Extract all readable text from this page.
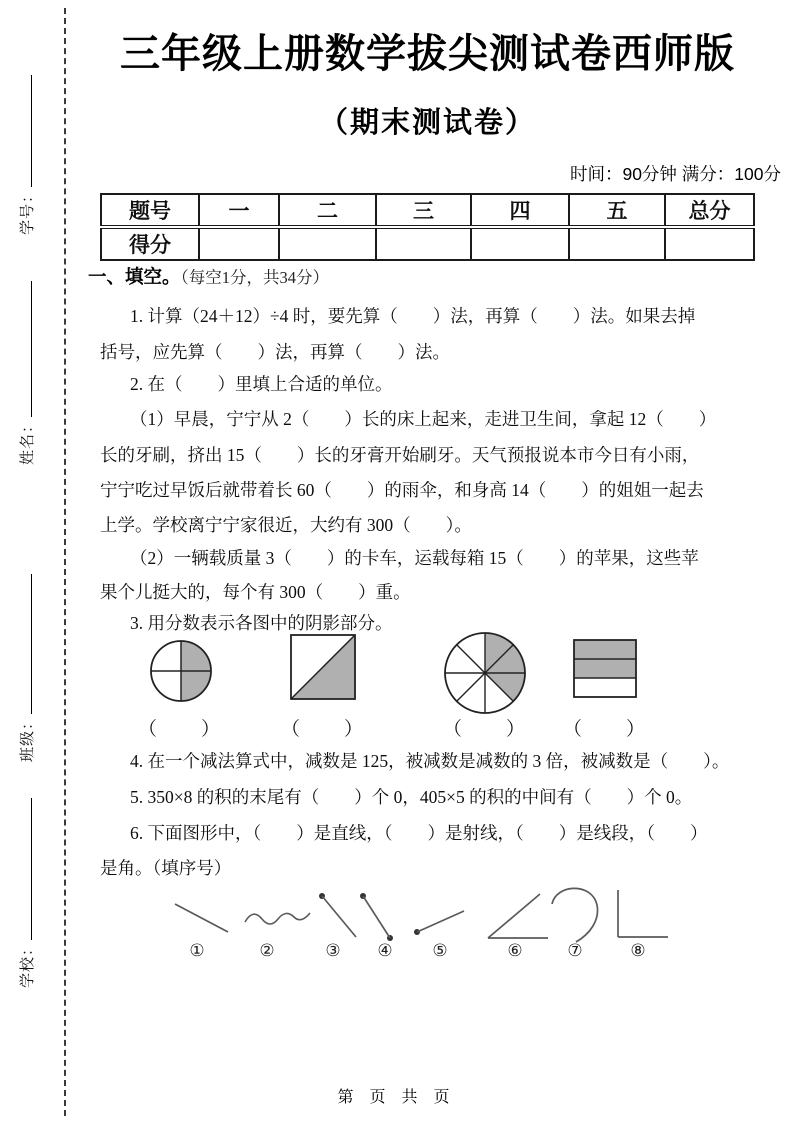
学号：
姓名：
班级：
学校：
三年级上册数学拔尖测试卷西师版
（期末测试卷）
时间：90分钟 满分：100分
题号	一	二	三	四	五	总分
得分						
一、填空。（每空1分，共34分）
1. 计算（24＋12）÷4 时，要先算（　　）法，再算（　　）法。如果去掉
括号，应先算（　　）法，再算（　　）法。
2. 在（　　）里填上合适的单位。
（1）早晨，宁宁从 2（　　）长的床上起来，走进卫生间，拿起 12（　　）
长的牙刷，挤出 15（　　）长的牙膏开始刷牙。天气预报说本市今日有小雨，
宁宁吃过早饭后就带着长 60（　　）的雨伞，和身高 14（　　）的姐姐一起去
上学。学校离宁宁家很近，大约有 300（　　）。
（2）一辆载质量 3（　　）的卡车，运载每箱 15（　　）的苹果，这些苹
果个儿挺大的，每个有 300（　　）重。
3. 用分数表示各图中的阴影部分。
（　　）	（　　）	（　　）	（　　）
4. 在一个减法算式中，减数是 125，被减数是减数的 3 倍，被减数是（　　）。
5. 350×8 的积的末尾有（　　）个 0，405×5 的积的中间有（　　）个 0。
6. 下面图形中，（　　）是直线，（　　）是射线，（　　）是线段，（　　）
是角。（填序号）
①	②	③	④	⑤	⑥	⑦	⑧
第 页 共 页
